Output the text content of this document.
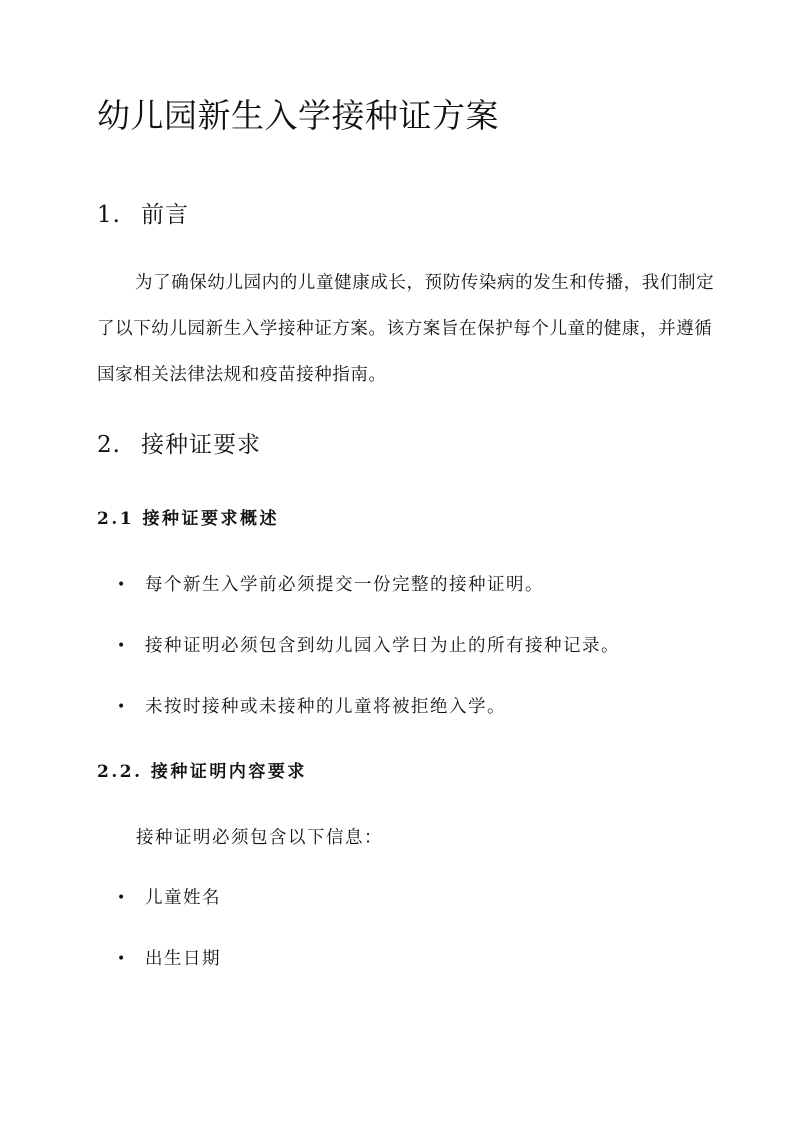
幼儿园新生入学接种证方案
1. 前言

为了确保幼儿园内的儿童健康成长，预防传染病的发生和传播，我们制定了以下幼儿园新生入学接种证方案。该方案旨在保护每个儿童的健康，并遵循国家相关法律法规和疫苗接种指南。

2. 接种证要求
2.1 接种证要求概述

• 每个新生入学前必须提交一份完整的接种证明。

• 接种证明必须包含到幼儿园入学日为止的所有接种记录。

• 未按时接种或未接种的儿童将被拒绝入学。

2.2. 接种证明内容要求

接种证明必须包含以下信息：

• 儿童姓名

• 出生日期
